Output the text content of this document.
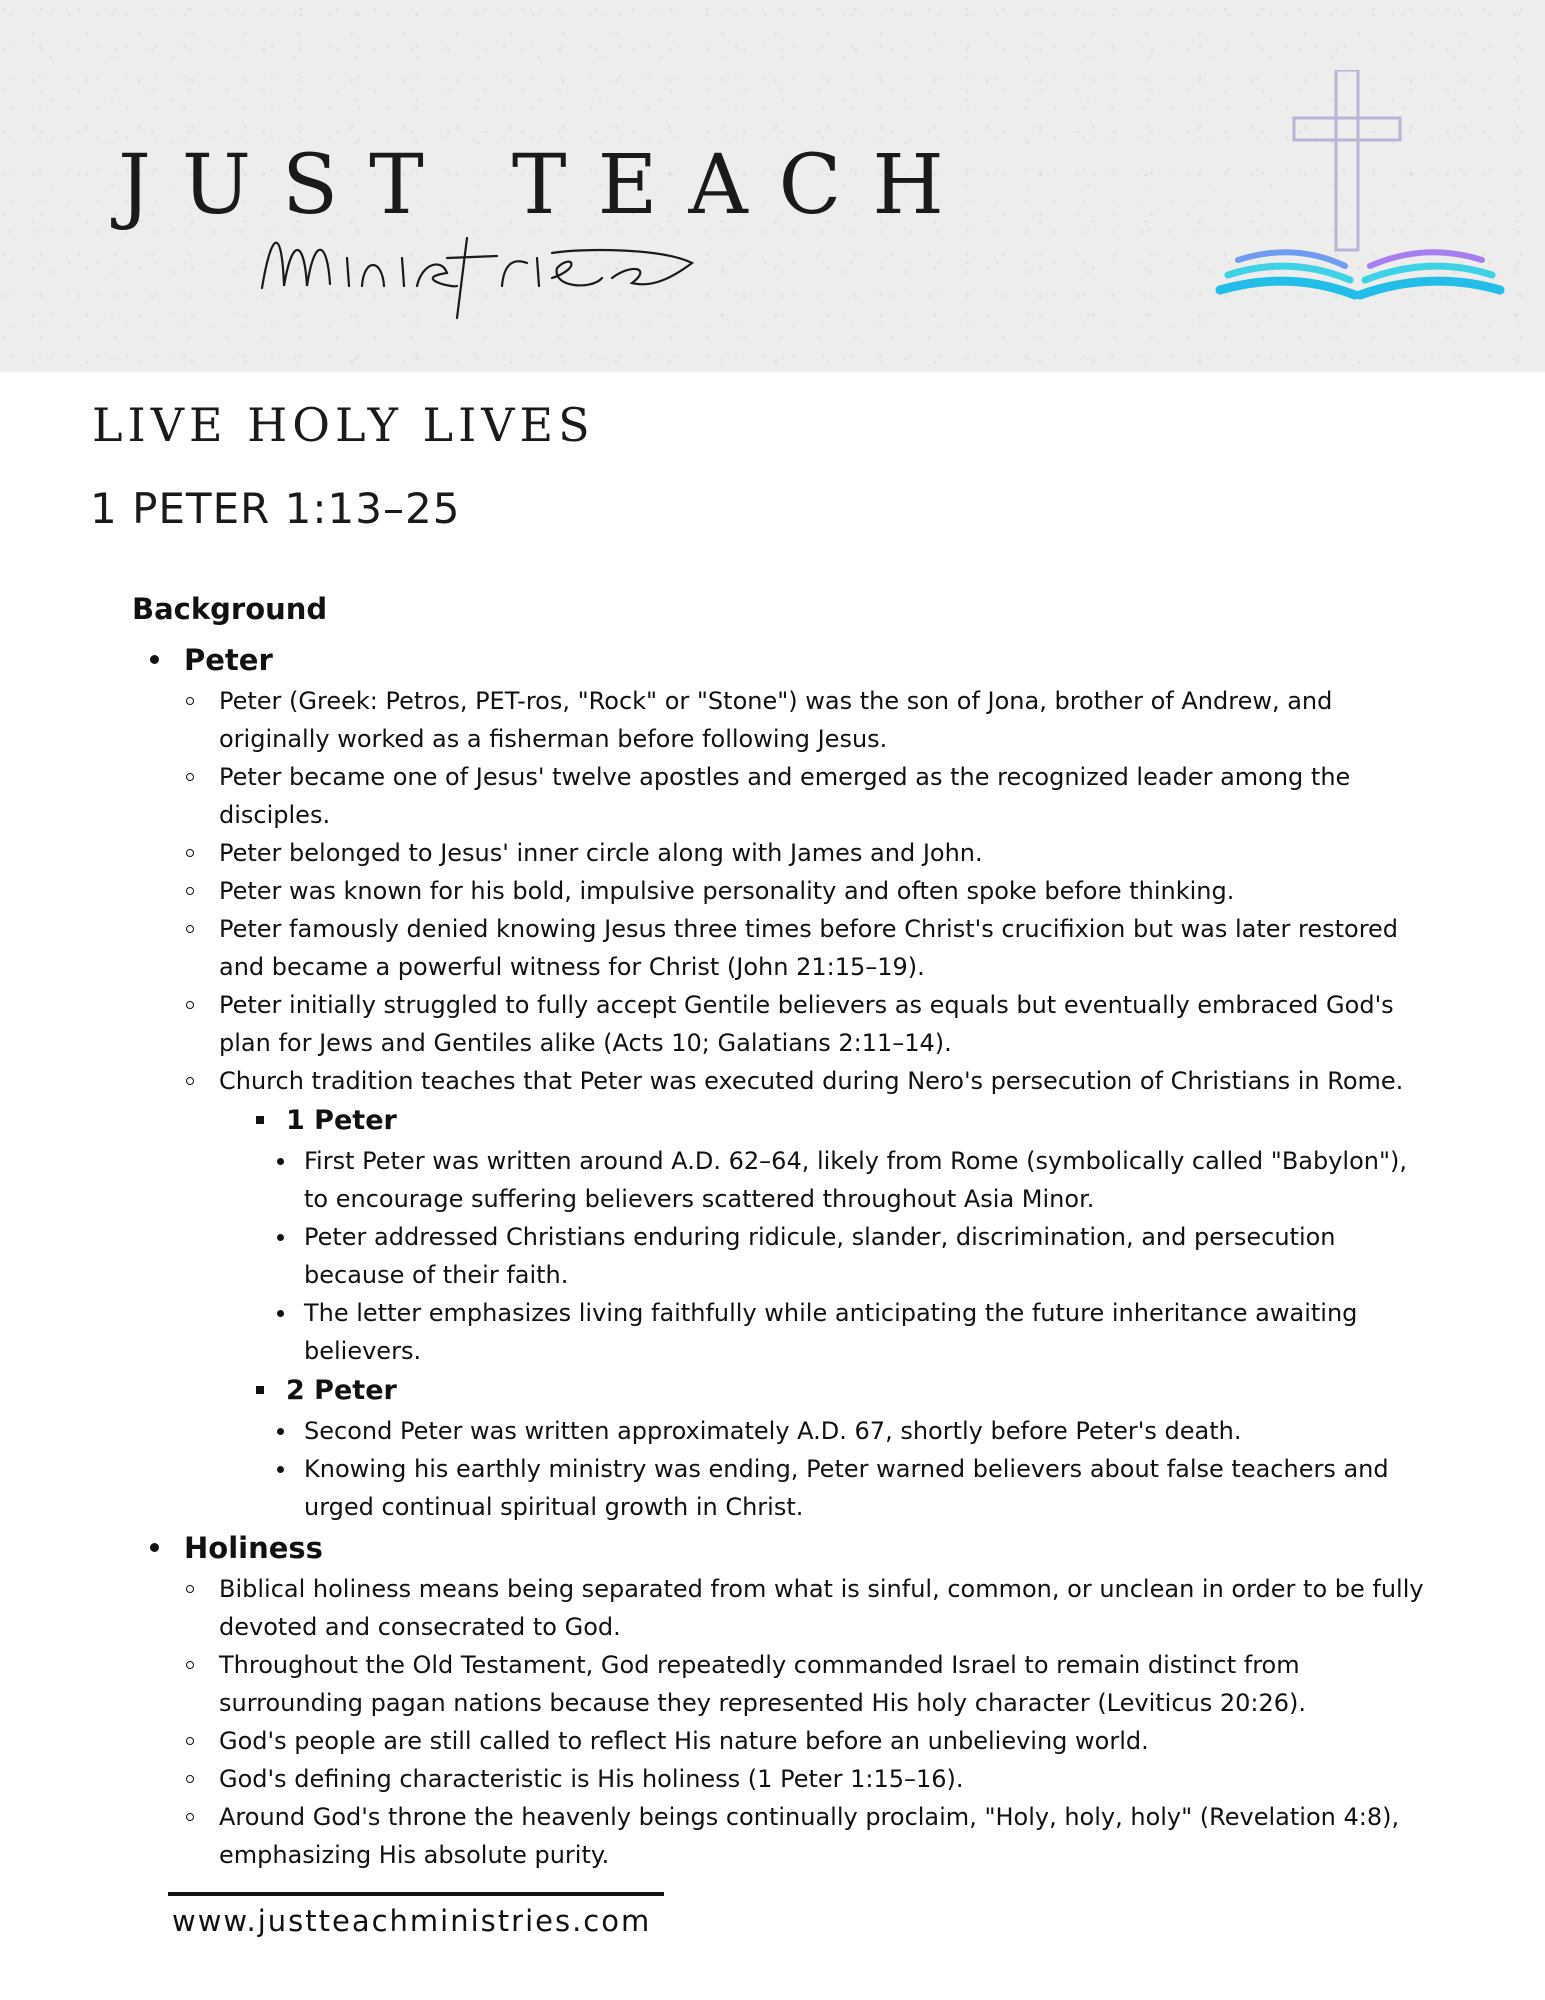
JUST TEACH
LIVE HOLY LIVES
1 PETER 1:13–25
Background
Peter
Peter (Greek: Petros, PET-ros, "Rock" or "Stone") was the son of Jona, brother of Andrew, and originally worked as a fisherman before following Jesus.
Peter became one of Jesus' twelve apostles and emerged as the recognized leader among the disciples.
Peter belonged to Jesus' inner circle along with James and John.
Peter was known for his bold, impulsive personality and often spoke before thinking.
Peter famously denied knowing Jesus three times before Christ's crucifixion but was later restored and became a powerful witness for Christ (John 21:15–19).
Peter initially struggled to fully accept Gentile believers as equals but eventually embraced God's plan for Jews and Gentiles alike (Acts 10; Galatians 2:11–14).
Church tradition teaches that Peter was executed during Nero's persecution of Christians in Rome.
1 Peter
First Peter was written around A.D. 62–64, likely from Rome (symbolically called "Babylon"), to encourage suffering believers scattered throughout Asia Minor.
Peter addressed Christians enduring ridicule, slander, discrimination, and persecution because of their faith.
The letter emphasizes living faithfully while anticipating the future inheritance awaiting believers.
2 Peter
Second Peter was written approximately A.D. 67, shortly before Peter's death.
Knowing his earthly ministry was ending, Peter warned believers about false teachers and urged continual spiritual growth in Christ.
Holiness
Biblical holiness means being separated from what is sinful, common, or unclean in order to be fully devoted and consecrated to God.
Throughout the Old Testament, God repeatedly commanded Israel to remain distinct from surrounding pagan nations because they represented His holy character (Leviticus 20:26).
God's people are still called to reflect His nature before an unbelieving world.
God's defining characteristic is His holiness (1 Peter 1:15–16).
Around God's throne the heavenly beings continually proclaim, "Holy, holy, holy" (Revelation 4:8), emphasizing His absolute purity.
www.justteachministries.com
